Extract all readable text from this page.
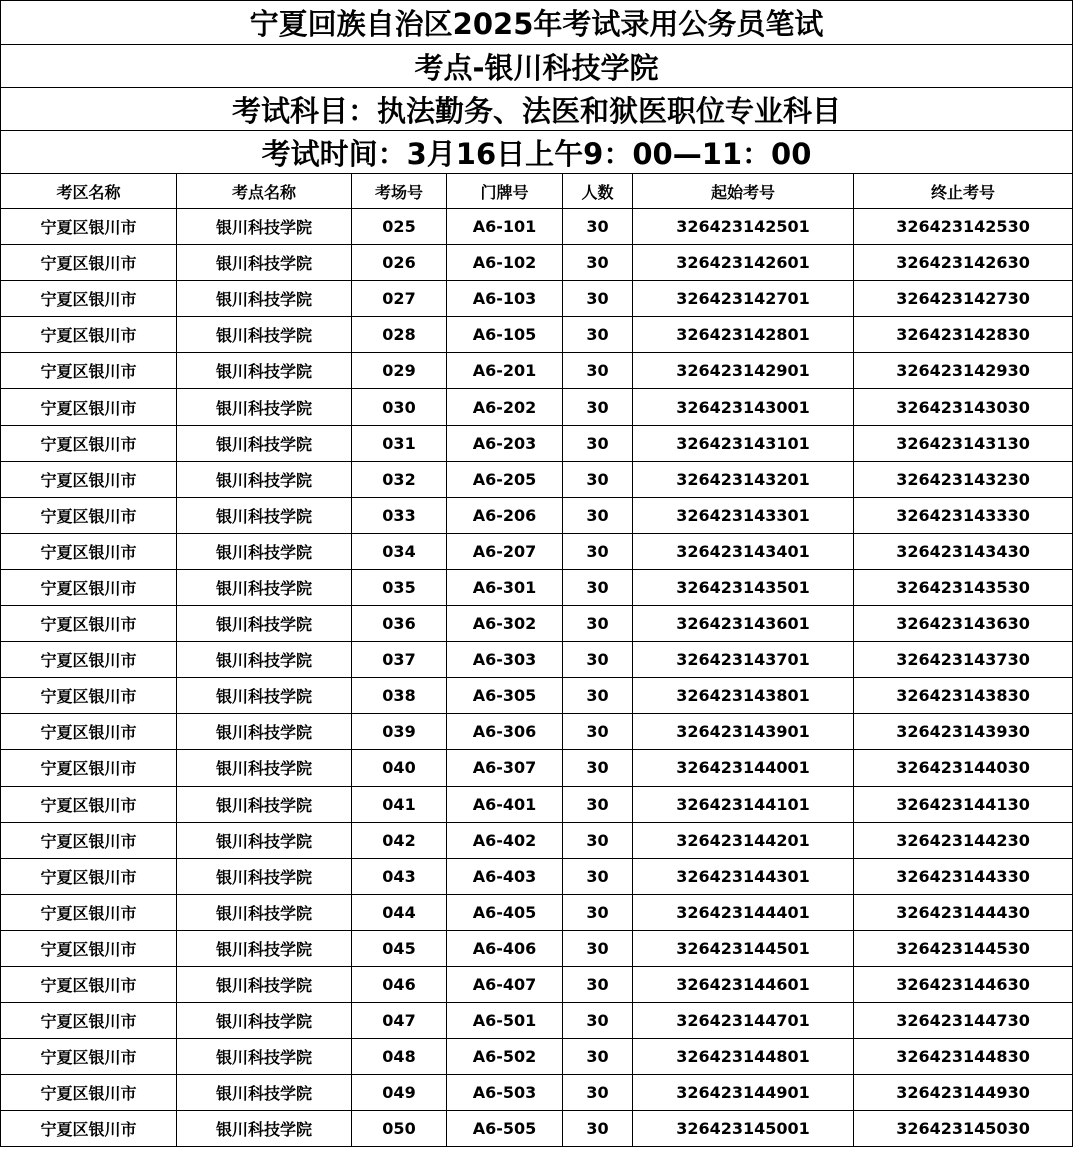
宁夏回族自治区2025年考试录用公务员笔试						
考点-银川科技学院						
考试科目：执法勤务、法医和狱医职位专业科目						
考试时间：3月16日上午9：00—11：00						
考区名称	考点名称	考场号	门牌号	人数	起始考号	终止考号
宁夏区银川市	银川科技学院	025	A6-101	30	326423142501	326423142530
宁夏区银川市	银川科技学院	026	A6-102	30	326423142601	326423142630
宁夏区银川市	银川科技学院	027	A6-103	30	326423142701	326423142730
宁夏区银川市	银川科技学院	028	A6-105	30	326423142801	326423142830
宁夏区银川市	银川科技学院	029	A6-201	30	326423142901	326423142930
宁夏区银川市	银川科技学院	030	A6-202	30	326423143001	326423143030
宁夏区银川市	银川科技学院	031	A6-203	30	326423143101	326423143130
宁夏区银川市	银川科技学院	032	A6-205	30	326423143201	326423143230
宁夏区银川市	银川科技学院	033	A6-206	30	326423143301	326423143330
宁夏区银川市	银川科技学院	034	A6-207	30	326423143401	326423143430
宁夏区银川市	银川科技学院	035	A6-301	30	326423143501	326423143530
宁夏区银川市	银川科技学院	036	A6-302	30	326423143601	326423143630
宁夏区银川市	银川科技学院	037	A6-303	30	326423143701	326423143730
宁夏区银川市	银川科技学院	038	A6-305	30	326423143801	326423143830
宁夏区银川市	银川科技学院	039	A6-306	30	326423143901	326423143930
宁夏区银川市	银川科技学院	040	A6-307	30	326423144001	326423144030
宁夏区银川市	银川科技学院	041	A6-401	30	326423144101	326423144130
宁夏区银川市	银川科技学院	042	A6-402	30	326423144201	326423144230
宁夏区银川市	银川科技学院	043	A6-403	30	326423144301	326423144330
宁夏区银川市	银川科技学院	044	A6-405	30	326423144401	326423144430
宁夏区银川市	银川科技学院	045	A6-406	30	326423144501	326423144530
宁夏区银川市	银川科技学院	046	A6-407	30	326423144601	326423144630
宁夏区银川市	银川科技学院	047	A6-501	30	326423144701	326423144730
宁夏区银川市	银川科技学院	048	A6-502	30	326423144801	326423144830
宁夏区银川市	银川科技学院	049	A6-503	30	326423144901	326423144930
宁夏区银川市	银川科技学院	050	A6-505	30	326423145001	326423145030
